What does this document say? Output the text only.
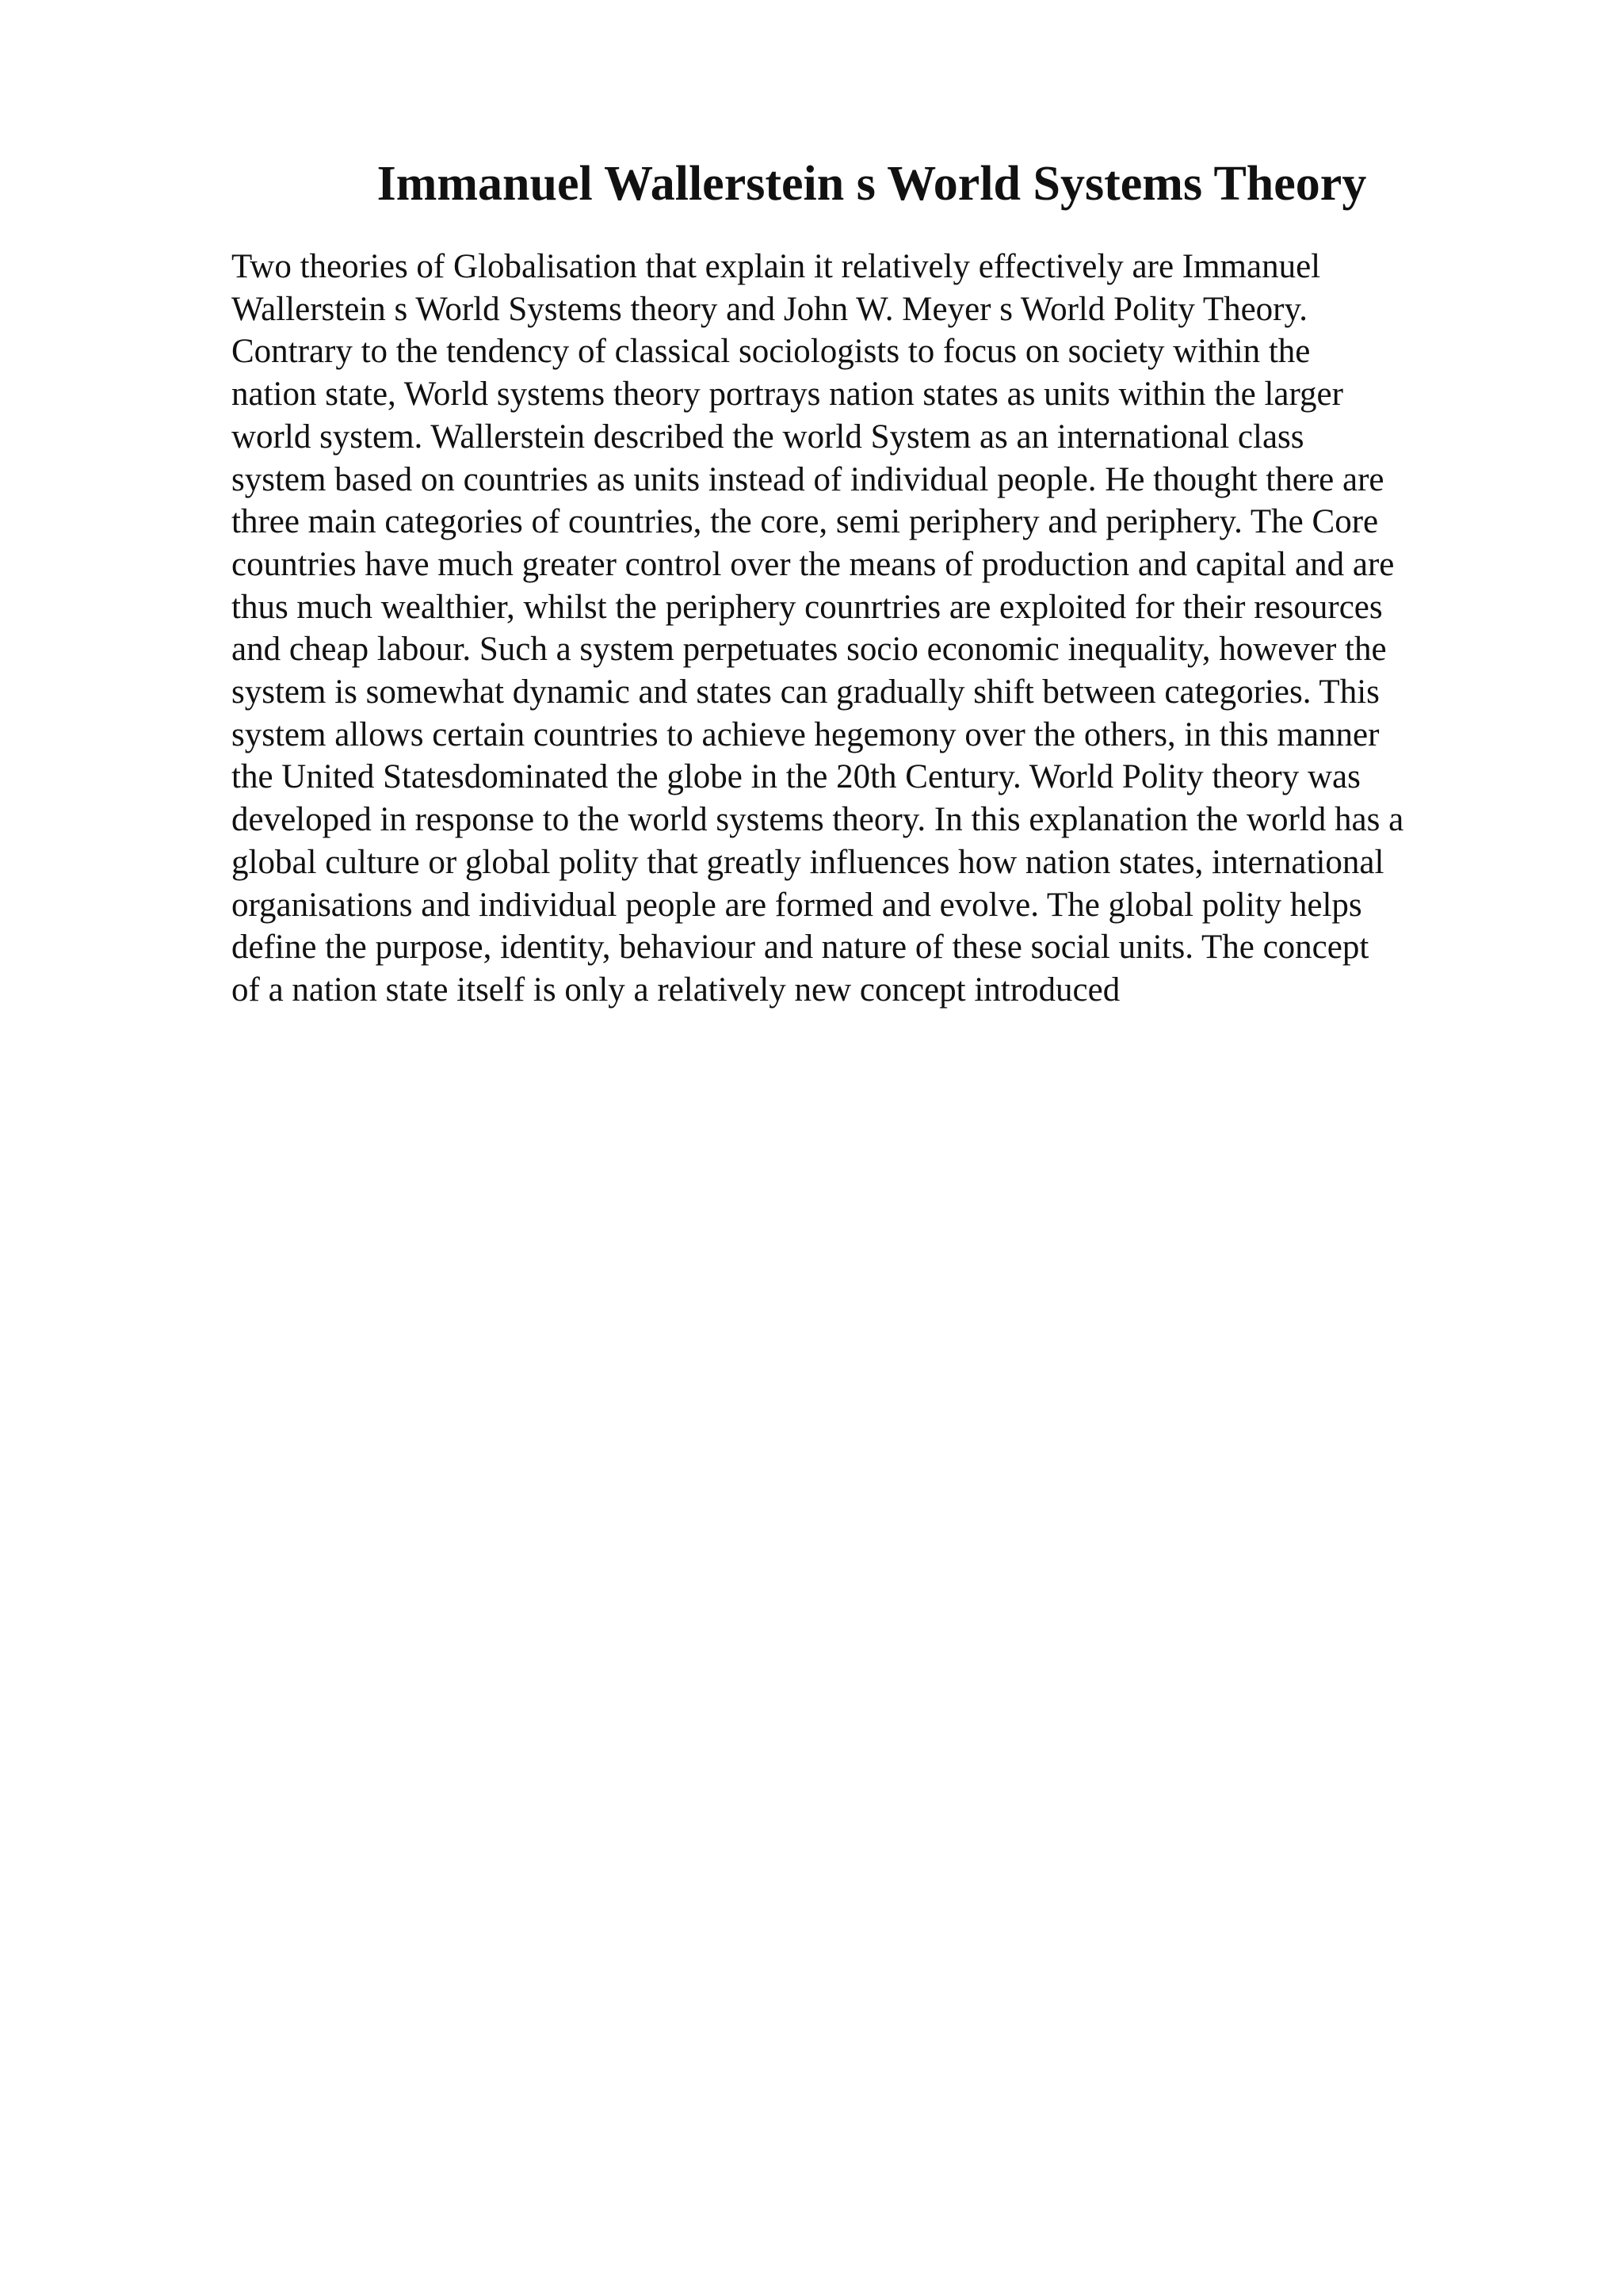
Immanuel Wallerstein s World Systems Theory
Two theories of Globalisation that explain it relatively effectively are Immanuel
Wallerstein s World Systems theory and John W. Meyer s World Polity Theory.
Contrary to the tendency of classical sociologists to focus on society within the
nation state, World systems theory portrays nation states as units within the larger
world system. Wallerstein described the world System as an international class
system based on countries as units instead of individual people. He thought there are
three main categories of countries, the core, semi periphery and periphery. The Core
countries have much greater control over the means of production and capital and are
thus much wealthier, whilst the periphery counrtries are exploited for their resources
and cheap labour. Such a system perpetuates socio economic inequality, however the
system is somewhat dynamic and states can gradually shift between categories. This
system allows certain countries to achieve hegemony over the others, in this manner
the United Statesdominated the globe in the 20th Century. World Polity theory was
developed in response to the world systems theory. In this explanation the world has a
global culture or global polity that greatly influences how nation states, international
organisations and individual people are formed and evolve. The global polity helps
define the purpose, identity, behaviour and nature of these social units. The concept
of a nation state itself is only a relatively new concept introduced
